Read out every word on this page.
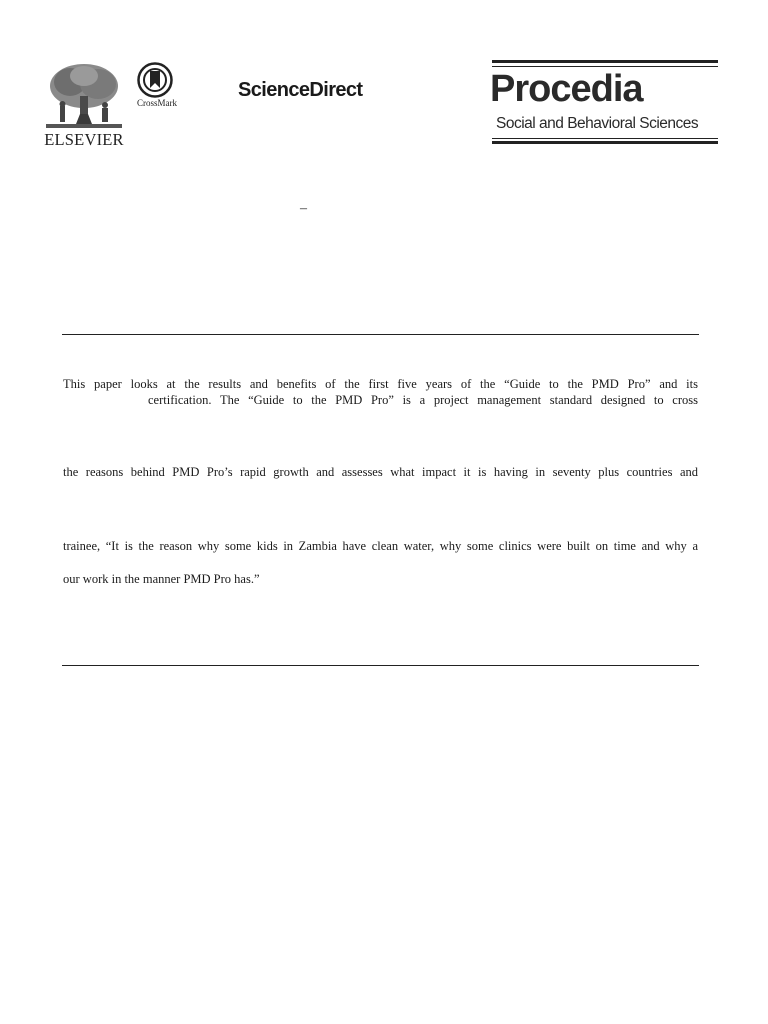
ELSEVIER
CrossMark
ScienceDirect	Procedia
Social and Behavioral Sciences
–
This paper looks at the results and benefits of the first five years of the “Guide to the PMD Pro” and its
certification. The “Guide to the PMD Pro” is a project management standard designed to cross
the reasons behind PMD Pro’s rapid growth and assesses what impact it is having in seventy plus countries and
trainee, “It is the reason why some kids in Zambia have clean water, why some clinics were built on time and why a
our work in the manner PMD Pro has.”
